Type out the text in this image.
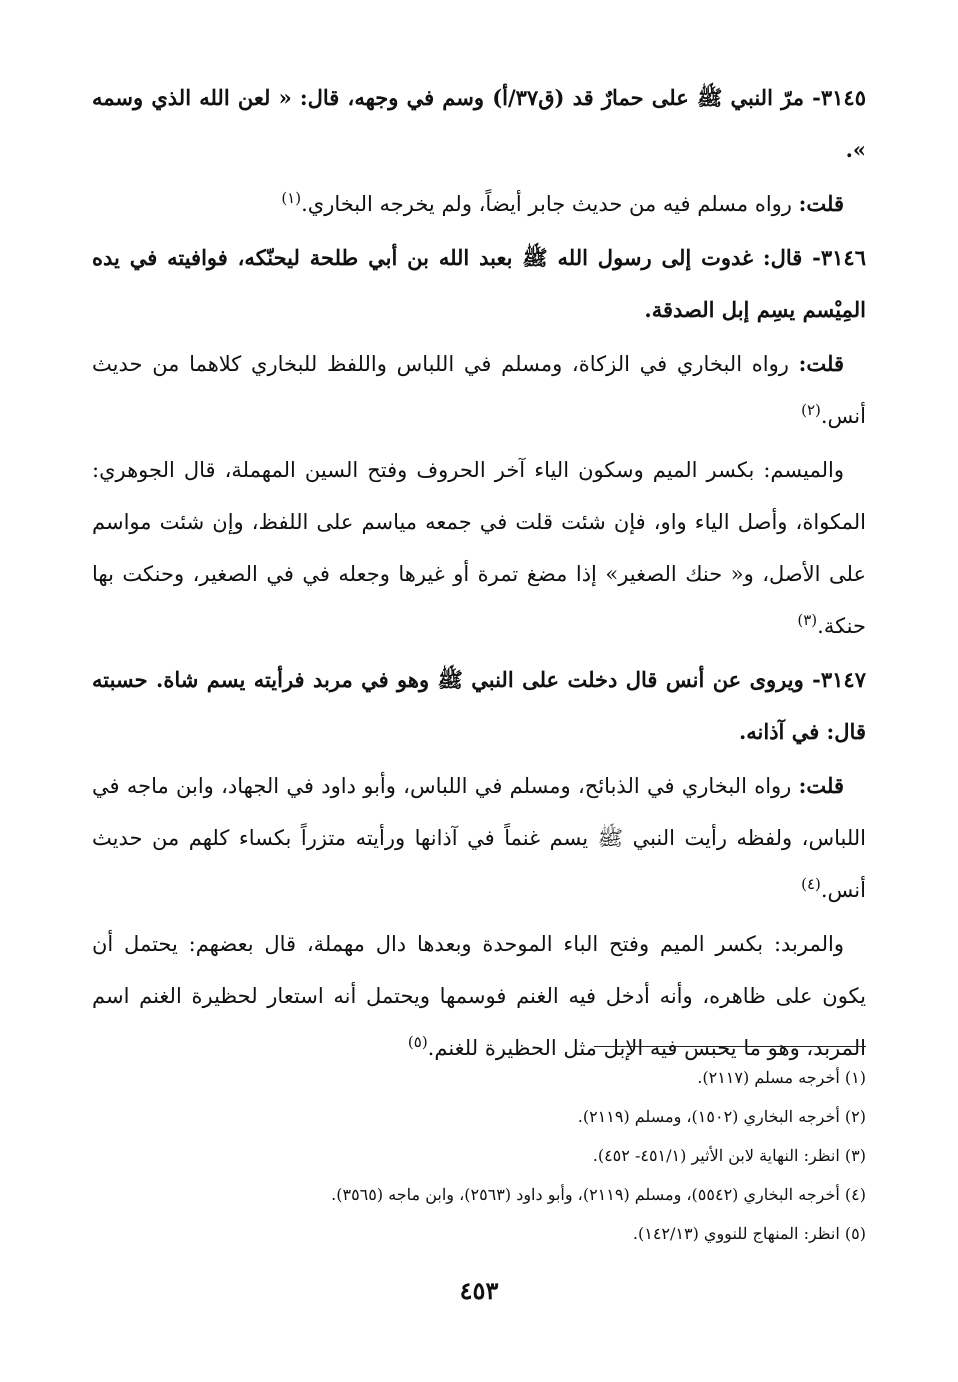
٣١٤٥- مرّ النبي ﷺ على حمارٌ قد (ق٣٧/أ) وسم في وجهه، قال: « لعن الله الذي وسمه ».

قلت: رواه مسلم فيه من حديث جابر أيضاً، ولم يخرجه البخاري.$^{(١)}$

٣١٤٦- قال: غدوت إلى رسول الله ﷺ بعبد الله بن أبي طلحة ليحنّكه، فوافيته في يده المِيْسم يسِم إبل الصدقة.

قلت: رواه البخاري في الزكاة، ومسلم في اللباس واللفظ للبخاري كلاهما من حديث أنس.$^{(٢)}$

والميسم: بكسر الميم وسكون الياء آخر الحروف وفتح السين المهملة، قال الجوهري: المكواة، وأصل الياء واو، فإن شئت قلت في جمعه مياسم على اللفظ، وإن شئت مواسم على الأصل، و« حنك الصغير» إذا مضغ تمرة أو غيرها وجعله في في الصغير، وحنكت بها حنكة.$^{(٣)}$

٣١٤٧- ويروى عن أنس قال دخلت على النبي ﷺ وهو في مربد فرأيته يسم شاة. حسبته قال: في آذانه.

قلت: رواه البخاري في الذبائح، ومسلم في اللباس، وأبو داود في الجهاد، وابن ماجه في اللباس، ولفظه رأيت النبي ﷺ يسم غنماً في آذانها ورأيته متزراً بكساء كلهم من حديث أنس.$^{(٤)}$

والمربد: بكسر الميم وفتح الباء الموحدة وبعدها دال مهملة، قال بعضهم: يحتمل أن يكون على ظاهره، وأنه أدخل فيه الغنم فوسمها ويحتمل أنه استعار لحظيرة الغنم اسم المربد، وهو ما يحبس فيه الإبل مثل الحظيرة للغنم.$^{(٥)}$

(١) أخرجه مسلم (٢١١٧).

(٢) أخرجه البخاري (١٥٠٢)، ومسلم (٢١١٩).

(٣) انظر: النهاية لابن الأثير (٤٥١/١- ٤٥٢).

(٤) أخرجه البخاري (٥٥٤٢)، ومسلم (٢١١٩)، وأبو داود (٢٥٦٣)، وابن ماجه (٣٥٦٥).

(٥) انظر: المنهاج للنووي (١٤٢/١٣).

٤٥٣
